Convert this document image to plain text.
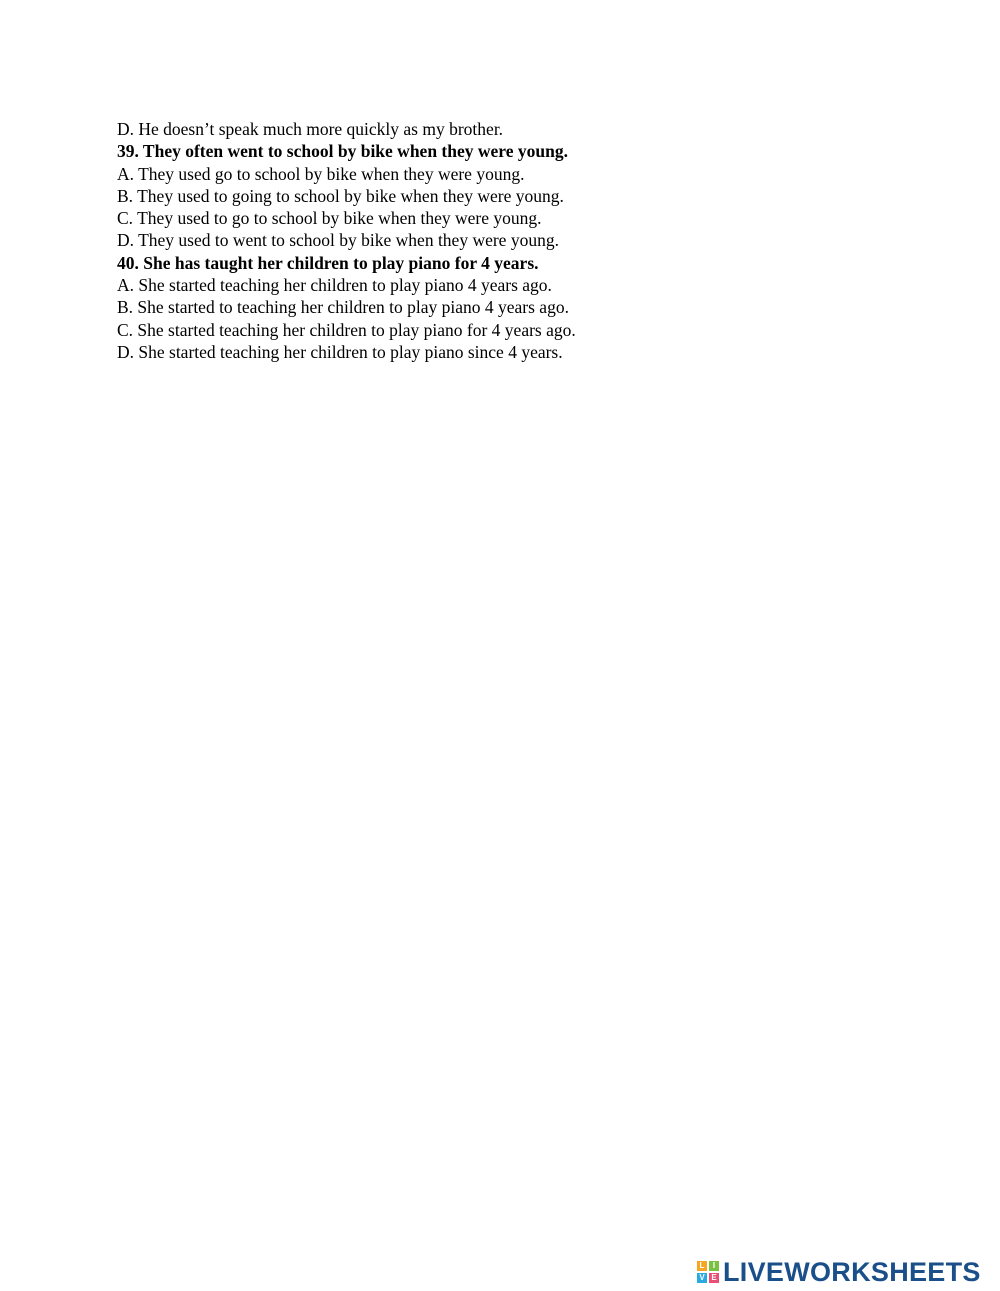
D. He doesn’t speak much more quickly as my brother.
39. They often went to school by bike when they were young.
A. They used go to school by bike when they were young.
B. They used to going to school by bike when they were young.
C. They used to go to school by bike when they were young.
D. They used to went to school by bike when they were young.
40. She has taught her children to play piano for 4 years.
A. She started teaching her children to play piano 4 years ago.
B. She started to teaching her children to play piano 4 years ago.
C. She started teaching her children to play piano for 4 years ago.
D. She started teaching her children to play piano since 4 years.
L	I
V E LIVEWORKSHEETS
